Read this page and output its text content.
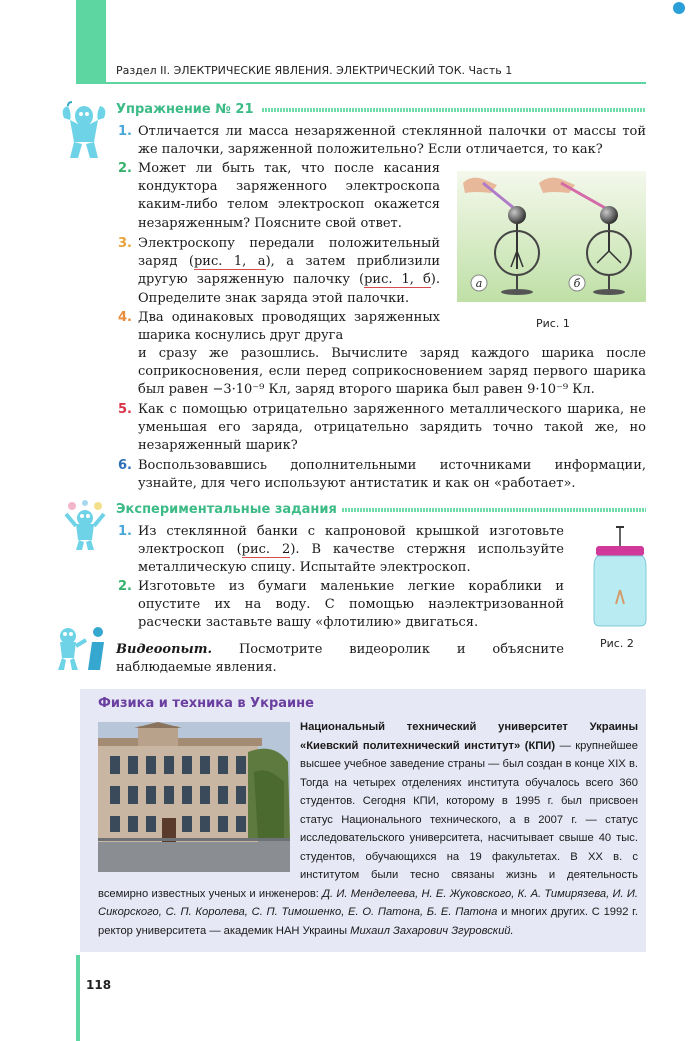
Раздел II. ЭЛЕКТРИЧЕСКИЕ ЯВЛЕНИЯ. ЭЛЕКТРИЧЕСКИЙ ТОК. Часть 1
Упражнение № 21
1. Отличается ли масса незаряженной стеклянной палочки от массы той же палочки, заряженной положительно? Если отличается, то как?
2. Может ли быть так, что после касания кондуктора заряженного электроскопа каким-либо телом электроскоп окажется незаряженным? Поясните свой ответ.
3. Электроскопу передали положительный заряд (рис. 1, а), а затем приблизили другую заряженную палочку (рис. 1, б). Определите знак заряда этой палочки.
4. Два одинаковых проводящих заряженных шарика коснулись друг друга
и сразу же разошлись. Вычислите заряд каждого шарика после соприкосновения, если перед соприкосновением заряд первого шарика был равен −3·10⁻⁹ Кл, заряд второго шарика был равен 9·10⁻⁹ Кл.
5. Как с помощью отрицательно заряженного металлического шарика, не уменьшая его заряда, отрицательно зарядить точно такой же, но незаряженный шарик?
6. Воспользовавшись дополнительными источниками информации, узнайте, для чего используют антистатик и как он «работает».
а	б
Рис. 1
Экспериментальные задания
1. Из стеклянной банки с капроновой крышкой изготовьте электроскоп (рис. 2). В качестве стержня используйте металлическую спицу. Испытайте электроскоп.
2. Изготовьте из бумаги маленькие легкие кораблики и опустите их на воду. С помощью наэлектризованной расчески заставьте вашу «флотилию» двигаться.
Рис. 2
Видеоопыт. Посмотрите видеоролик и объясните наблюдаемые явления.
Физика и техника в Украине
Национальный технический университет Украины «Киевский политехнический институт» (КПИ) — крупнейшее высшее учебное заведение страны — был создан в конце XIX в. Тогда на четырех отделениях института обучалось всего 360 студентов. Сегодня КПИ, которому в 1995 г. был присвоен статус Национального технического, а в 2007 г. — статус исследовательского университета, насчитывает свыше 40 тыс. студентов, обучающихся на 19 факультетах. В XX в. с институтом были тесно связаны жизнь и деятельность всемирно известных ученых и инженеров: Д. И. Менделеева, Н. Е. Жуковского, К. А. Тимирязева, И. И. Сикорского, С. П. Королева, С. П. Тимошенко, Е. О. Патона, Б. Е. Патона и многих других. С 1992 г. ректор университета — академик НАН Украины Михаил Захарович Згуровский.
118
